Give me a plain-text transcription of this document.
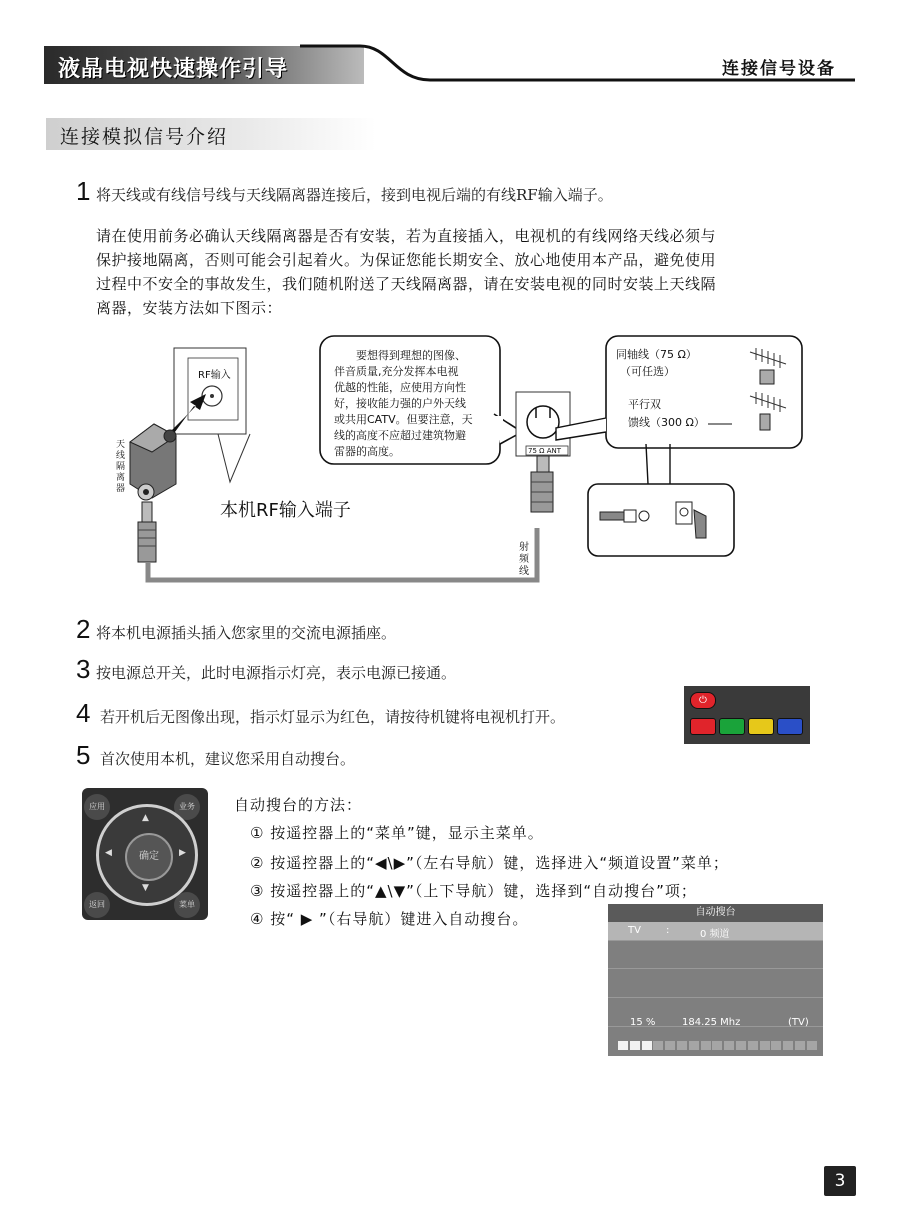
液晶电视快速操作引导	连接信号设备
连接模拟信号介绍
1 将天线或有线信号线与天线隔离器连接后，接到电视后端的有线RF输入端子。
请在使用前务必确认天线隔离器是否有安装，若为直接插入，电视机的有线网络天线必须与
保护接地隔离，否则可能会引起着火。为保证您能长期安全、放心地使用本产品，避免使用
过程中不安全的事故发生，我们随机附送了天线隔离器，请在安装电视的同时安装上天线隔
离器，安装方法如下图示：
RF输入
天线隔离器
本机RF输入端子
要想得到理想的图像、
伴音质量,充分发挥本电视
优越的性能，应使用方向性
好，接收能力强的户外天线
或共用CATV。但要注意，天
线的高度不应超过建筑物避
雷器的高度。	75 Ω ANT
同轴线（75 Ω）
（可任选）
平行双
馈线（300 Ω）
射频线
2 将本机电源插头插入您家里的交流电源插座。
3 按电源总开关，此时电源指示灯亮，表示电源已接通。
4 若开机后无图像出现，指示灯显示为红色，请按待机键将电视机打开。
5 首次使用本机，建议您采用自动搜台。
⏻
应用	业务
返回	菜单
▲
▼
◀	▶
确定
自动搜台的方法：
① 按遥控器上的“菜单”键，显示主菜单。
② 按遥控器上的“◀\▶”（左右导航）键，选择进入“频道设置”菜单；
③ 按遥控器上的“▲\▼”（上下导航）键，选择到“自动搜台”项；
④ 按“ ▶ ”（右导航）键进入自动搜台。	自动搜台
TV	:	0 频道
15 %	184.25 Mhz	(TV)
3
